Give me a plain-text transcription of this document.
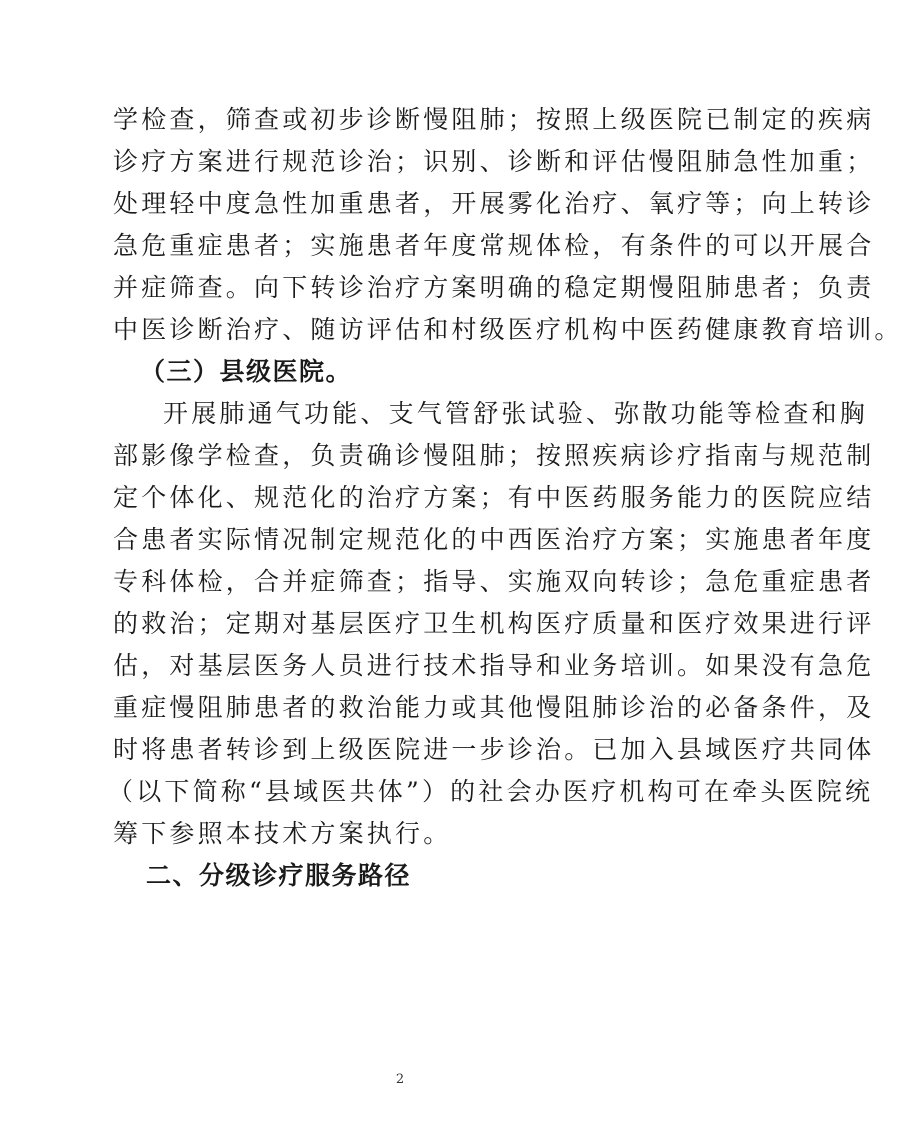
学检查，筛查或初步诊断慢阻肺；按照上级医院已制定的疾病
诊疗方案进行规范诊治；识别、诊断和评估慢阻肺急性加重；
处理轻中度急性加重患者，开展雾化治疗、氧疗等；向上转诊
急危重症患者；实施患者年度常规体检，有条件的可以开展合
并症筛查。向下转诊治疗方案明确的稳定期慢阻肺患者；负责
中医诊断治疗、随访评估和村级医疗机构中医药健康教育培训。
（三）县级医院。
开展肺通气功能、支气管舒张试验、弥散功能等检查和胸
部影像学检查，负责确诊慢阻肺；按照疾病诊疗指南与规范制
定个体化、规范化的治疗方案；有中医药服务能力的医院应结
合患者实际情况制定规范化的中西医治疗方案；实施患者年度
专科体检，合并症筛查；指导、实施双向转诊；急危重症患者
的救治；定期对基层医疗卫生机构医疗质量和医疗效果进行评
估，对基层医务人员进行技术指导和业务培训。如果没有急危
重症慢阻肺患者的救治能力或其他慢阻肺诊治的必备条件，及
时将患者转诊到上级医院进一步诊治。已加入县域医疗共同体
（以下简称“县域医共体”）的社会办医疗机构可在牵头医院统
筹下参照本技术方案执行。
二、分级诊疗服务路径
2
